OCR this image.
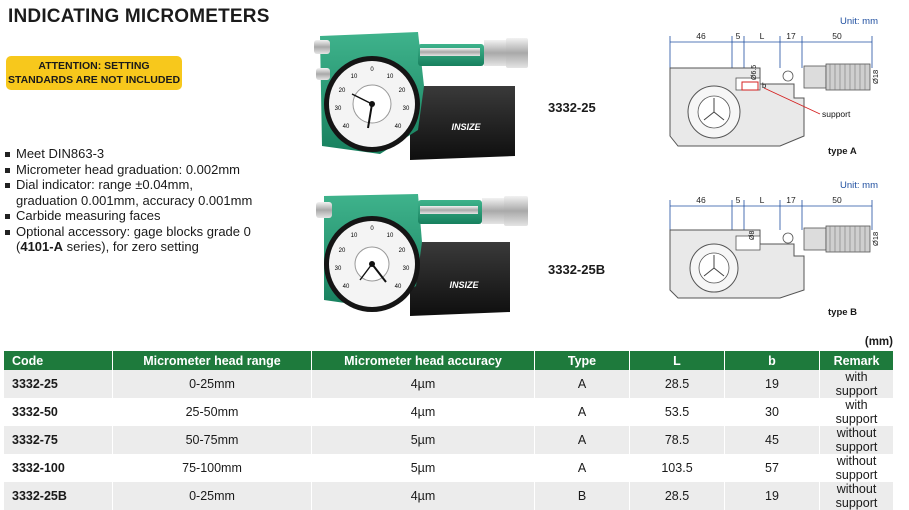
INDICATING MICROMETERS
ATTENTION: SETTING
STANDARDS ARE NOT INCLUDED
Meet DIN863-3
Micrometer head graduation: 0.002mm
Dial indicator: range ±0.04mm,
graduation 0.001mm, accuracy 0.001mm
Carbide measuring faces
Optional accessory: gage blocks grade 0
(4101-A series), for zero setting
0
10
20
30
40
10
20
30
40	INSIZE
3332-25
0
10
20
30
40
10
20
30
40	INSIZE
3332-25B
Unit: mm
46	5 L	17	50
support
Ø6.5	Ø18
b
type A
Unit: mm
46	5 L	17	50
Ø8	Ø18
type B
(mm)
Code	Micrometer head range	Micrometer head accuracy	Type	L	b	Remark
3332-25	0-25mm	4µm	A	28.5	19	with support
3332-50	25-50mm	4µm	A	53.5	30	with support
3332-75	50-75mm	5µm	A	78.5	45	without support
3332-100	75-100mm	5µm	A	103.5	57	without support
3332-25B	0-25mm	4µm	B	28.5	19	without support
